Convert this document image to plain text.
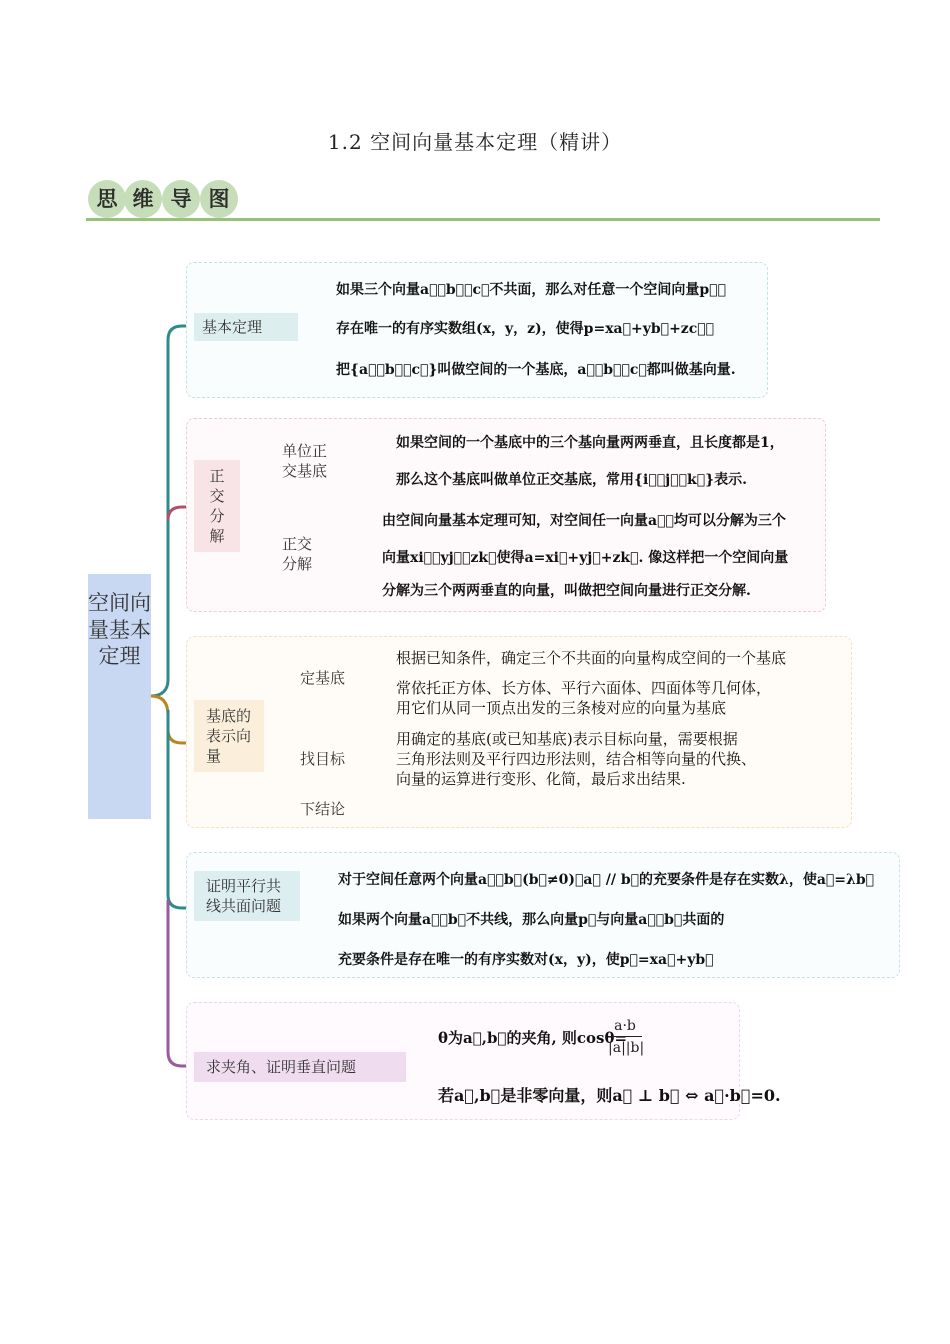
1.2 空间向量基本定理（精讲）
思 维 导 图
空间向量基本定理
基本定理
如果三个向量a⃗，b⃗，c⃗不共面，那么对任意一个空间向量p⃗，
存在唯一的有序实数组(x，y，z)，使得p=xa⃗+yb⃗+zc⃗，
把{a⃗，b⃗，c⃗}叫做空间的一个基底，a⃗，b⃗，c⃗都叫做基向量.
正交分解
单位正交基底
如果空间的一个基底中的三个基向量两两垂直，且长度都是1，
那么这个基底叫做单位正交基底，常用{i⃗，j⃗，k⃗}表示.
正交分解
由空间向量基本定理可知，对空间任一向量a⃗，均可以分解为三个
向量xi⃗，yj⃗，zk⃗使得a=xi⃗+yj⃗+zk⃗. 像这样把一个空间向量
分解为三个两两垂直的向量，叫做把空间向量进行正交分解.
基底的表示向量
定基底
根据已知条件，确定三个不共面的向量构成空间的一个基底
常依托正方体、长方体、平行六面体、四面体等几何体，
用它们从同一顶点出发的三条棱对应的向量为基底
找目标
用确定的基底(或已知基底)表示目标向量，需要根据
三角形法则及平行四边形法则，结合相等向量的代换、
向量的运算进行变形、化简，最后求出结果.
下结论
证明平行共线共面问题
对于空间任意两个向量a⃗，b⃗(b⃗≠0)，a⃗ // b⃗的充要条件是存在实数λ，使a⃗=λb⃗
如果两个向量a⃗，b⃗不共线，那么向量p⃗与向量a⃗，b⃗共面的
充要条件是存在唯一的有序实数对(x，y)，使p⃗=xa⃗+yb⃗
求夹角、证明垂直问题
θ为a⃗,b⃗的夹角, 则cosθ=
$\frac{a\cdot b}{|a||b|}$
若a⃗,b⃗是非零向量，则a⃗ ⊥ b⃗ ⇔ a⃗·b⃗=0.
